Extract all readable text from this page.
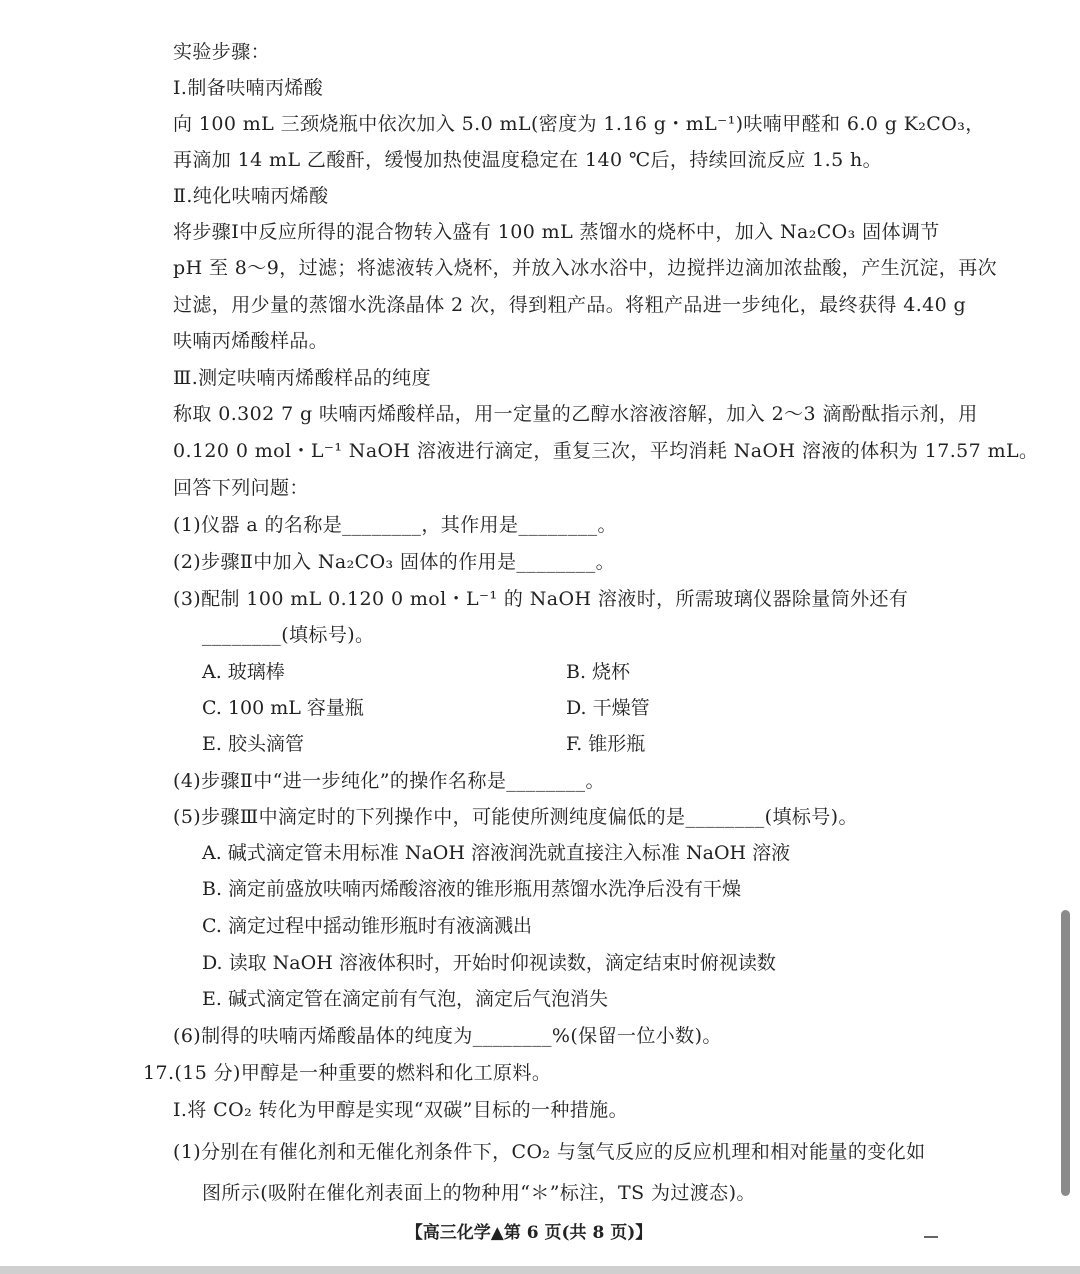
实验步骤：
Ⅰ.制备呋喃丙烯酸
向 100 mL 三颈烧瓶中依次加入 5.0 mL(密度为 1.16 g・mL⁻¹)呋喃甲醛和 6.0 g K₂CO₃，
再滴加 14 mL 乙酸酐，缓慢加热使温度稳定在 140 ℃后，持续回流反应 1.5 h。
Ⅱ.纯化呋喃丙烯酸
将步骤Ⅰ中反应所得的混合物转入盛有 100 mL 蒸馏水的烧杯中，加入 Na₂CO₃ 固体调节
pH 至 8～9，过滤；将滤液转入烧杯，并放入冰水浴中，边搅拌边滴加浓盐酸，产生沉淀，再次
过滤，用少量的蒸馏水洗涤晶体 2 次，得到粗产品。将粗产品进一步纯化，最终获得 4.40 g
呋喃丙烯酸样品。
Ⅲ.测定呋喃丙烯酸样品的纯度
称取 0.302 7 g 呋喃丙烯酸样品，用一定量的乙醇水溶液溶解，加入 2～3 滴酚酞指示剂，用
0.120 0 mol・L⁻¹ NaOH 溶液进行滴定，重复三次，平均消耗 NaOH 溶液的体积为 17.57 mL。
回答下列问题：
(1)仪器 a 的名称是________，其作用是________。
(2)步骤Ⅱ中加入 Na₂CO₃ 固体的作用是________。
(3)配制 100 mL 0.120 0 mol・L⁻¹ 的 NaOH 溶液时，所需玻璃仪器除量筒外还有
________(填标号)。
A. 玻璃棒	B. 烧杯
C. 100 mL 容量瓶	D. 干燥管
E. 胶头滴管	F. 锥形瓶
(4)步骤Ⅱ中“进一步纯化”的操作名称是________。
(5)步骤Ⅲ中滴定时的下列操作中，可能使所测纯度偏低的是________(填标号)。
A. 碱式滴定管未用标准 NaOH 溶液润洗就直接注入标准 NaOH 溶液
B. 滴定前盛放呋喃丙烯酸溶液的锥形瓶用蒸馏水洗净后没有干燥
C. 滴定过程中摇动锥形瓶时有液滴溅出
D. 读取 NaOH 溶液体积时，开始时仰视读数，滴定结束时俯视读数
E. 碱式滴定管在滴定前有气泡，滴定后气泡消失
(6)制得的呋喃丙烯酸晶体的纯度为________%(保留一位小数)。
17.(15 分)甲醇是一种重要的燃料和化工原料。
Ⅰ.将 CO₂ 转化为甲醇是实现“双碳”目标的一种措施。
(1)分别在有催化剂和无催化剂条件下，CO₂ 与氢气反应的反应机理和相对能量的变化如
图所示(吸附在催化剂表面上的物种用“＊”标注，TS 为过渡态)。
【高三化学▲第 6 页(共 8 页)】
